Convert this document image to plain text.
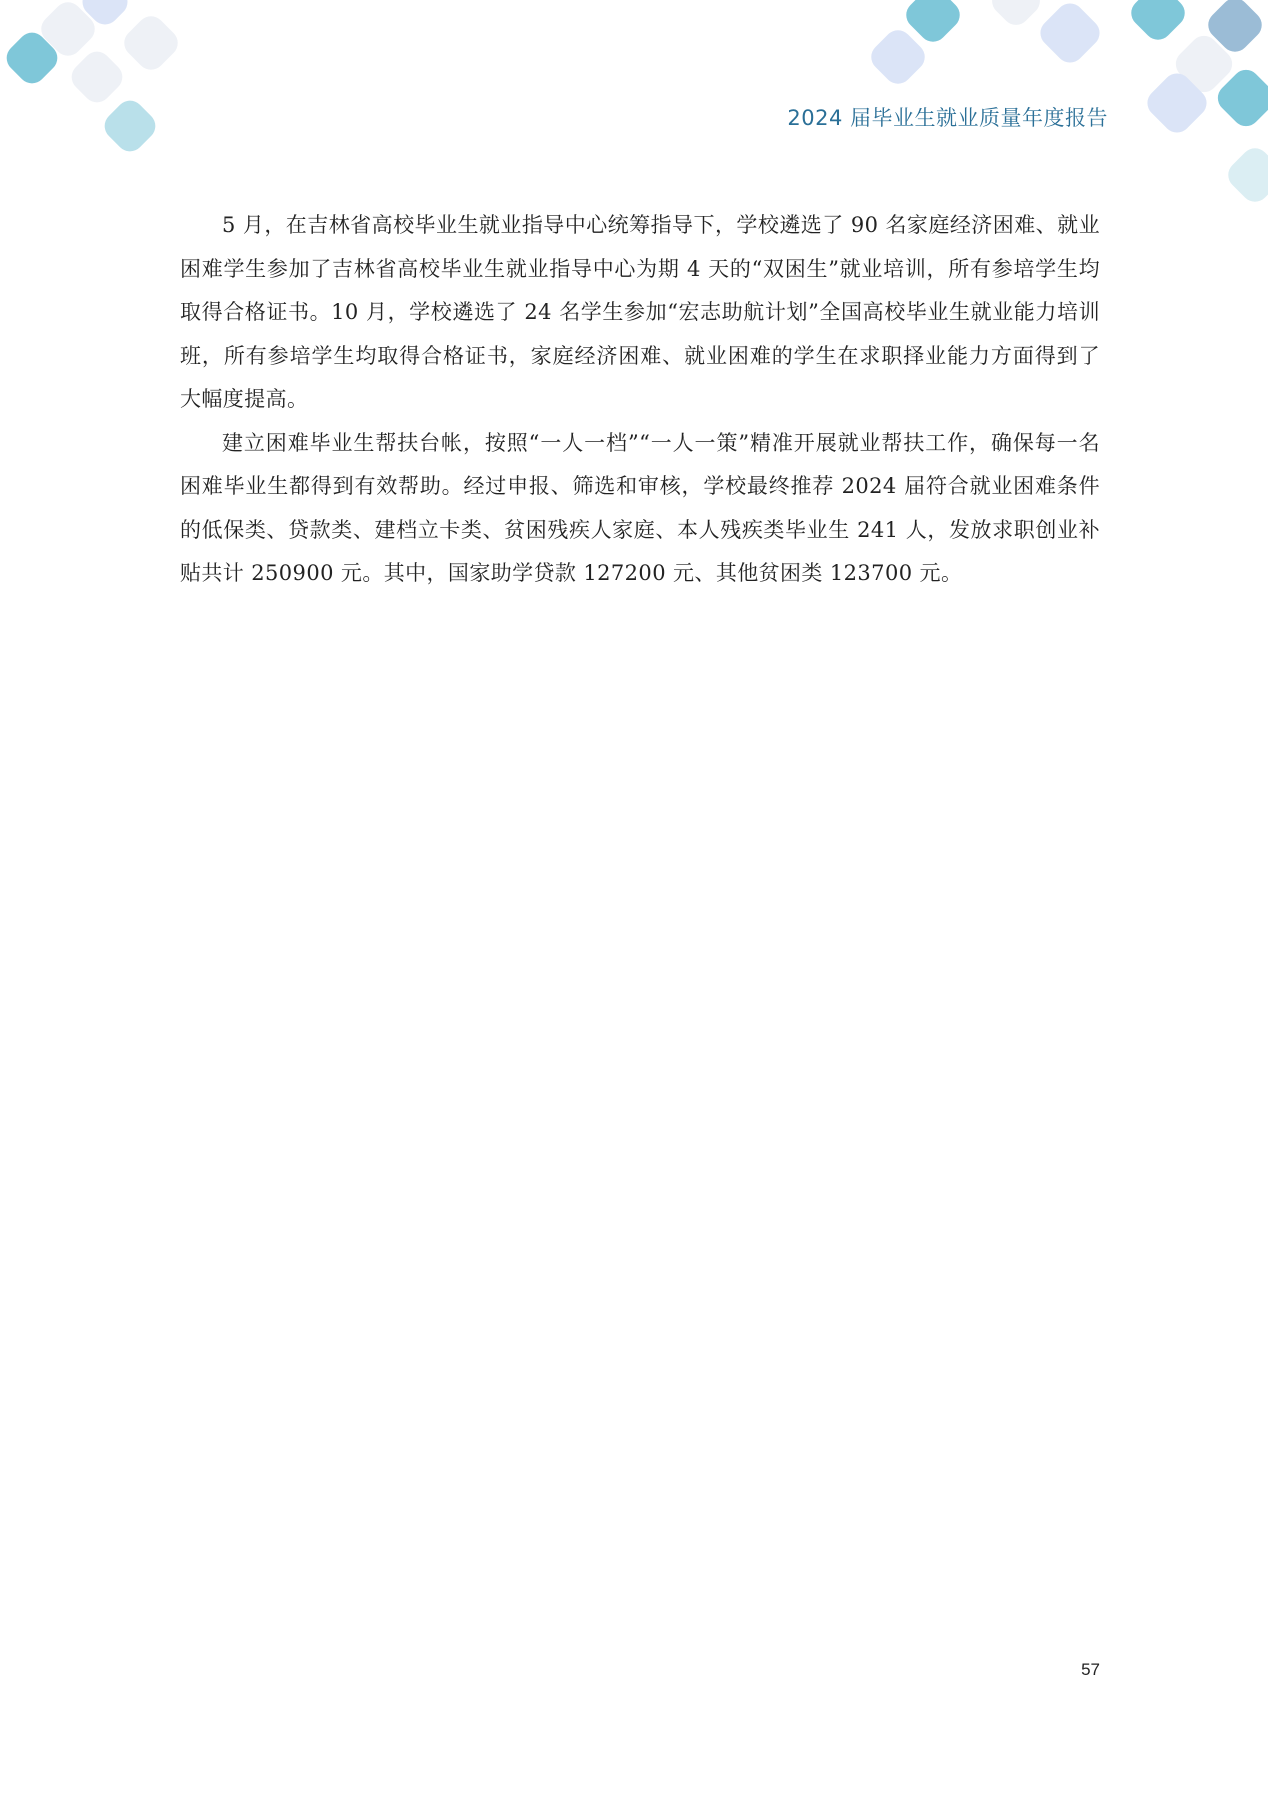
2024 届毕业生就业质量年度报告

5 月，在吉林省高校毕业生就业指导中心统筹指导下，学校遴选了 90 名家庭经济困难、就业困难学生参加了吉林省高校毕业生就业指导中心为期 4 天的“双困生”就业培训，所有参培学生均取得合格证书。10 月，学校遴选了 24 名学生参加“宏志助航计划”全国高校毕业生就业能力培训班，所有参培学生均取得合格证书，家庭经济困难、就业困难的学生在求职择业能力方面得到了大幅度提高。

建立困难毕业生帮扶台帐，按照“一人一档”“一人一策”精准开展就业帮扶工作，确保每一名困难毕业生都得到有效帮助。经过申报、筛选和审核，学校最终推荐 2024 届符合就业困难条件的低保类、贷款类、建档立卡类、贫困残疾人家庭、本人残疾类毕业生 241 人，发放求职创业补贴共计 250900 元。其中，国家助学贷款 127200 元、其他贫困类 123700 元。

57
